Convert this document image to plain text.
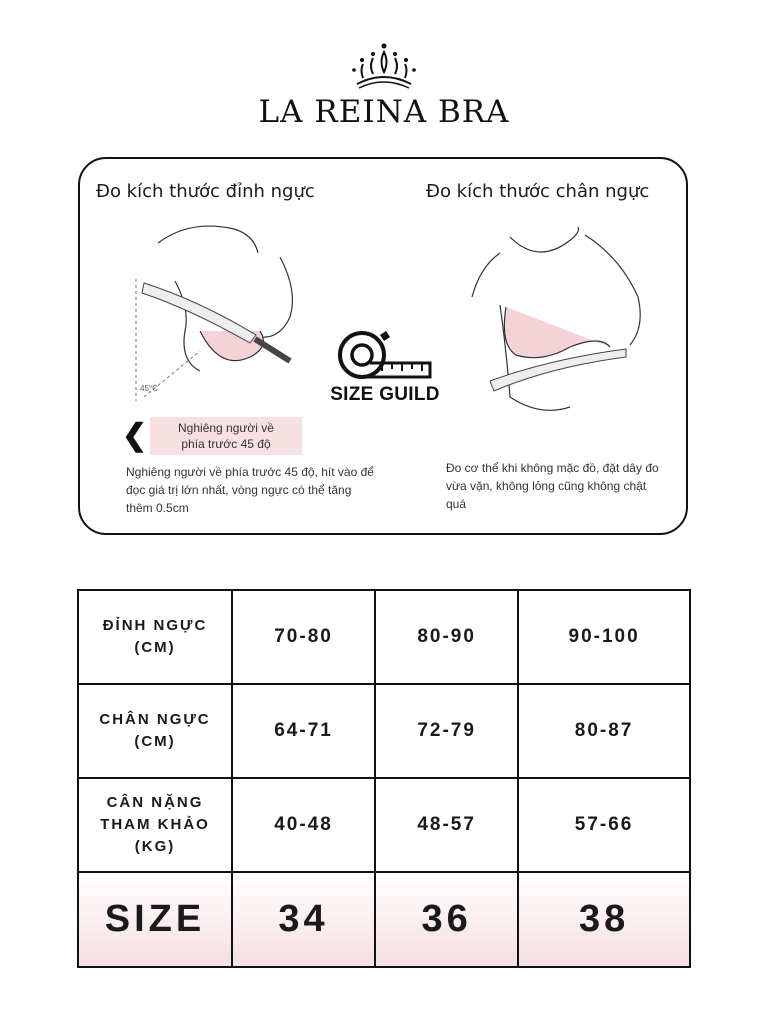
LA REINA BRA
Đo kích thước đỉnh ngực	Đo kích thước chân ngực
45°C
❮	Nghiêng người về
phía trước 45 độ
Nghiêng người về phía trước 45 độ, hít vào để đọc giá trị lớn nhất, vòng ngực có thể tăng thêm 0.5cm
SIZE GUILD
Đo cơ thể khi không mặc đồ, đặt dây đo vừa vặn, không lỏng cũng không chật quá
ĐỈNH NGỰC
(CM)	70-80	80-90	90-100
CHÂN NGỰC
(CM)	64-71	72-79	80-87
CÂN NẶNG
THAM KHẢO
(KG)	40-48	48-57	57-66
SIZE	34	36	38
